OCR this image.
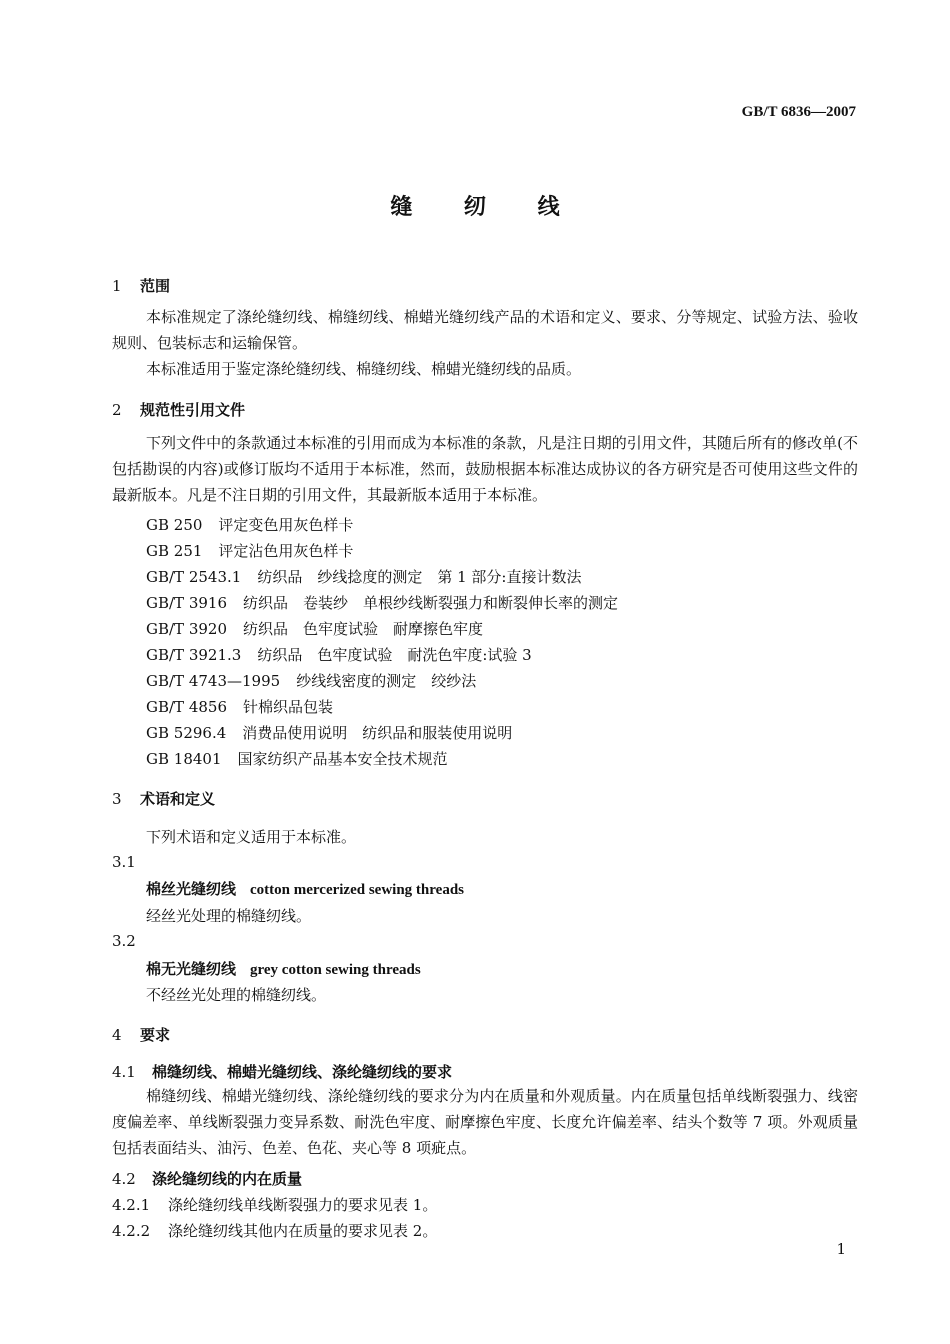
GB/T 6836—2007
缝 纫 线
1 范围
本标准规定了涤纶缝纫线、棉缝纫线、棉蜡光缝纫线产品的术语和定义、要求、分等规定、试验方法、验收规则、包装标志和运输保管。
本标准适用于鉴定涤纶缝纫线、棉缝纫线、棉蜡光缝纫线的品质。
2 规范性引用文件
下列文件中的条款通过本标准的引用而成为本标准的条款，凡是注日期的引用文件，其随后所有的修改单(不包括勘误的内容)或修订版均不适用于本标准，然而，鼓励根据本标准达成协议的各方研究是否可使用这些文件的最新版本。凡是不注日期的引用文件，其最新版本适用于本标准。
GB 250 评定变色用灰色样卡
GB 251 评定沾色用灰色样卡
GB/T 2543.1 纺织品　纱线捻度的测定　第 1 部分:直接计数法
GB/T 3916 纺织品　卷装纱　单根纱线断裂强力和断裂伸长率的测定
GB/T 3920 纺织品　色牢度试验　耐摩擦色牢度
GB/T 3921.3 纺织品　色牢度试验　耐洗色牢度:试验 3
GB/T 4743—1995 纱线线密度的测定　绞纱法
GB/T 4856 针棉织品包装
GB 5296.4 消费品使用说明　纺织品和服装使用说明
GB 18401 国家纺织产品基本安全技术规范
3 术语和定义
下列术语和定义适用于本标准。
3.1
棉丝光缝纫线 cotton mercerized sewing threads
经丝光处理的棉缝纫线。
3.2
棉无光缝纫线 grey cotton sewing threads
不经丝光处理的棉缝纫线。
4 要求
4.1 棉缝纫线、棉蜡光缝纫线、涤纶缝纫线的要求
棉缝纫线、棉蜡光缝纫线、涤纶缝纫线的要求分为内在质量和外观质量。内在质量包括单线断裂强力、线密度偏差率、单线断裂强力变异系数、耐洗色牢度、耐摩擦色牢度、长度允许偏差率、结头个数等 7 项。外观质量包括表面结头、油污、色差、色花、夹心等 8 项疵点。
4.2 涤纶缝纫线的内在质量
4.2.1 涤纶缝纫线单线断裂强力的要求见表 1。
4.2.2 涤纶缝纫线其他内在质量的要求见表 2。
1
